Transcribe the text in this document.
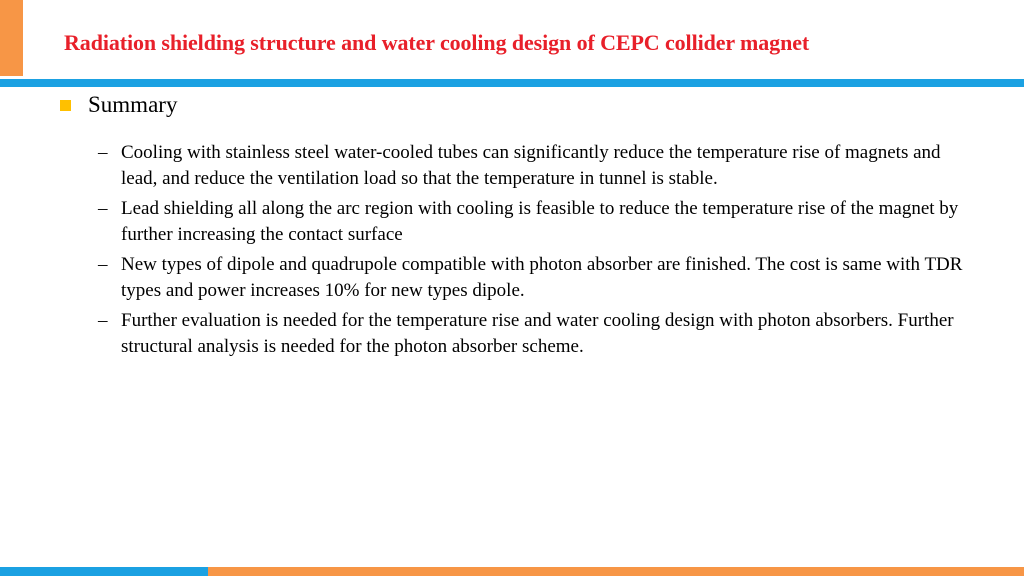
Radiation shielding structure and water cooling design of CEPC collider magnet
Summary
– Cooling with stainless steel water-cooled tubes can significantly reduce the temperature rise of magnets and lead, and reduce the ventilation load so that the temperature in tunnel is stable.
– Lead shielding all along the arc region with cooling is feasible to reduce the temperature rise of the magnet by further increasing the contact surface
– New types of dipole and quadrupole compatible with photon absorber are finished. The cost is same with TDR types and power increases 10% for new types dipole.
– Further evaluation is needed for the temperature rise and water cooling design with photon absorbers. Further structural analysis is needed for the photon absorber scheme.
